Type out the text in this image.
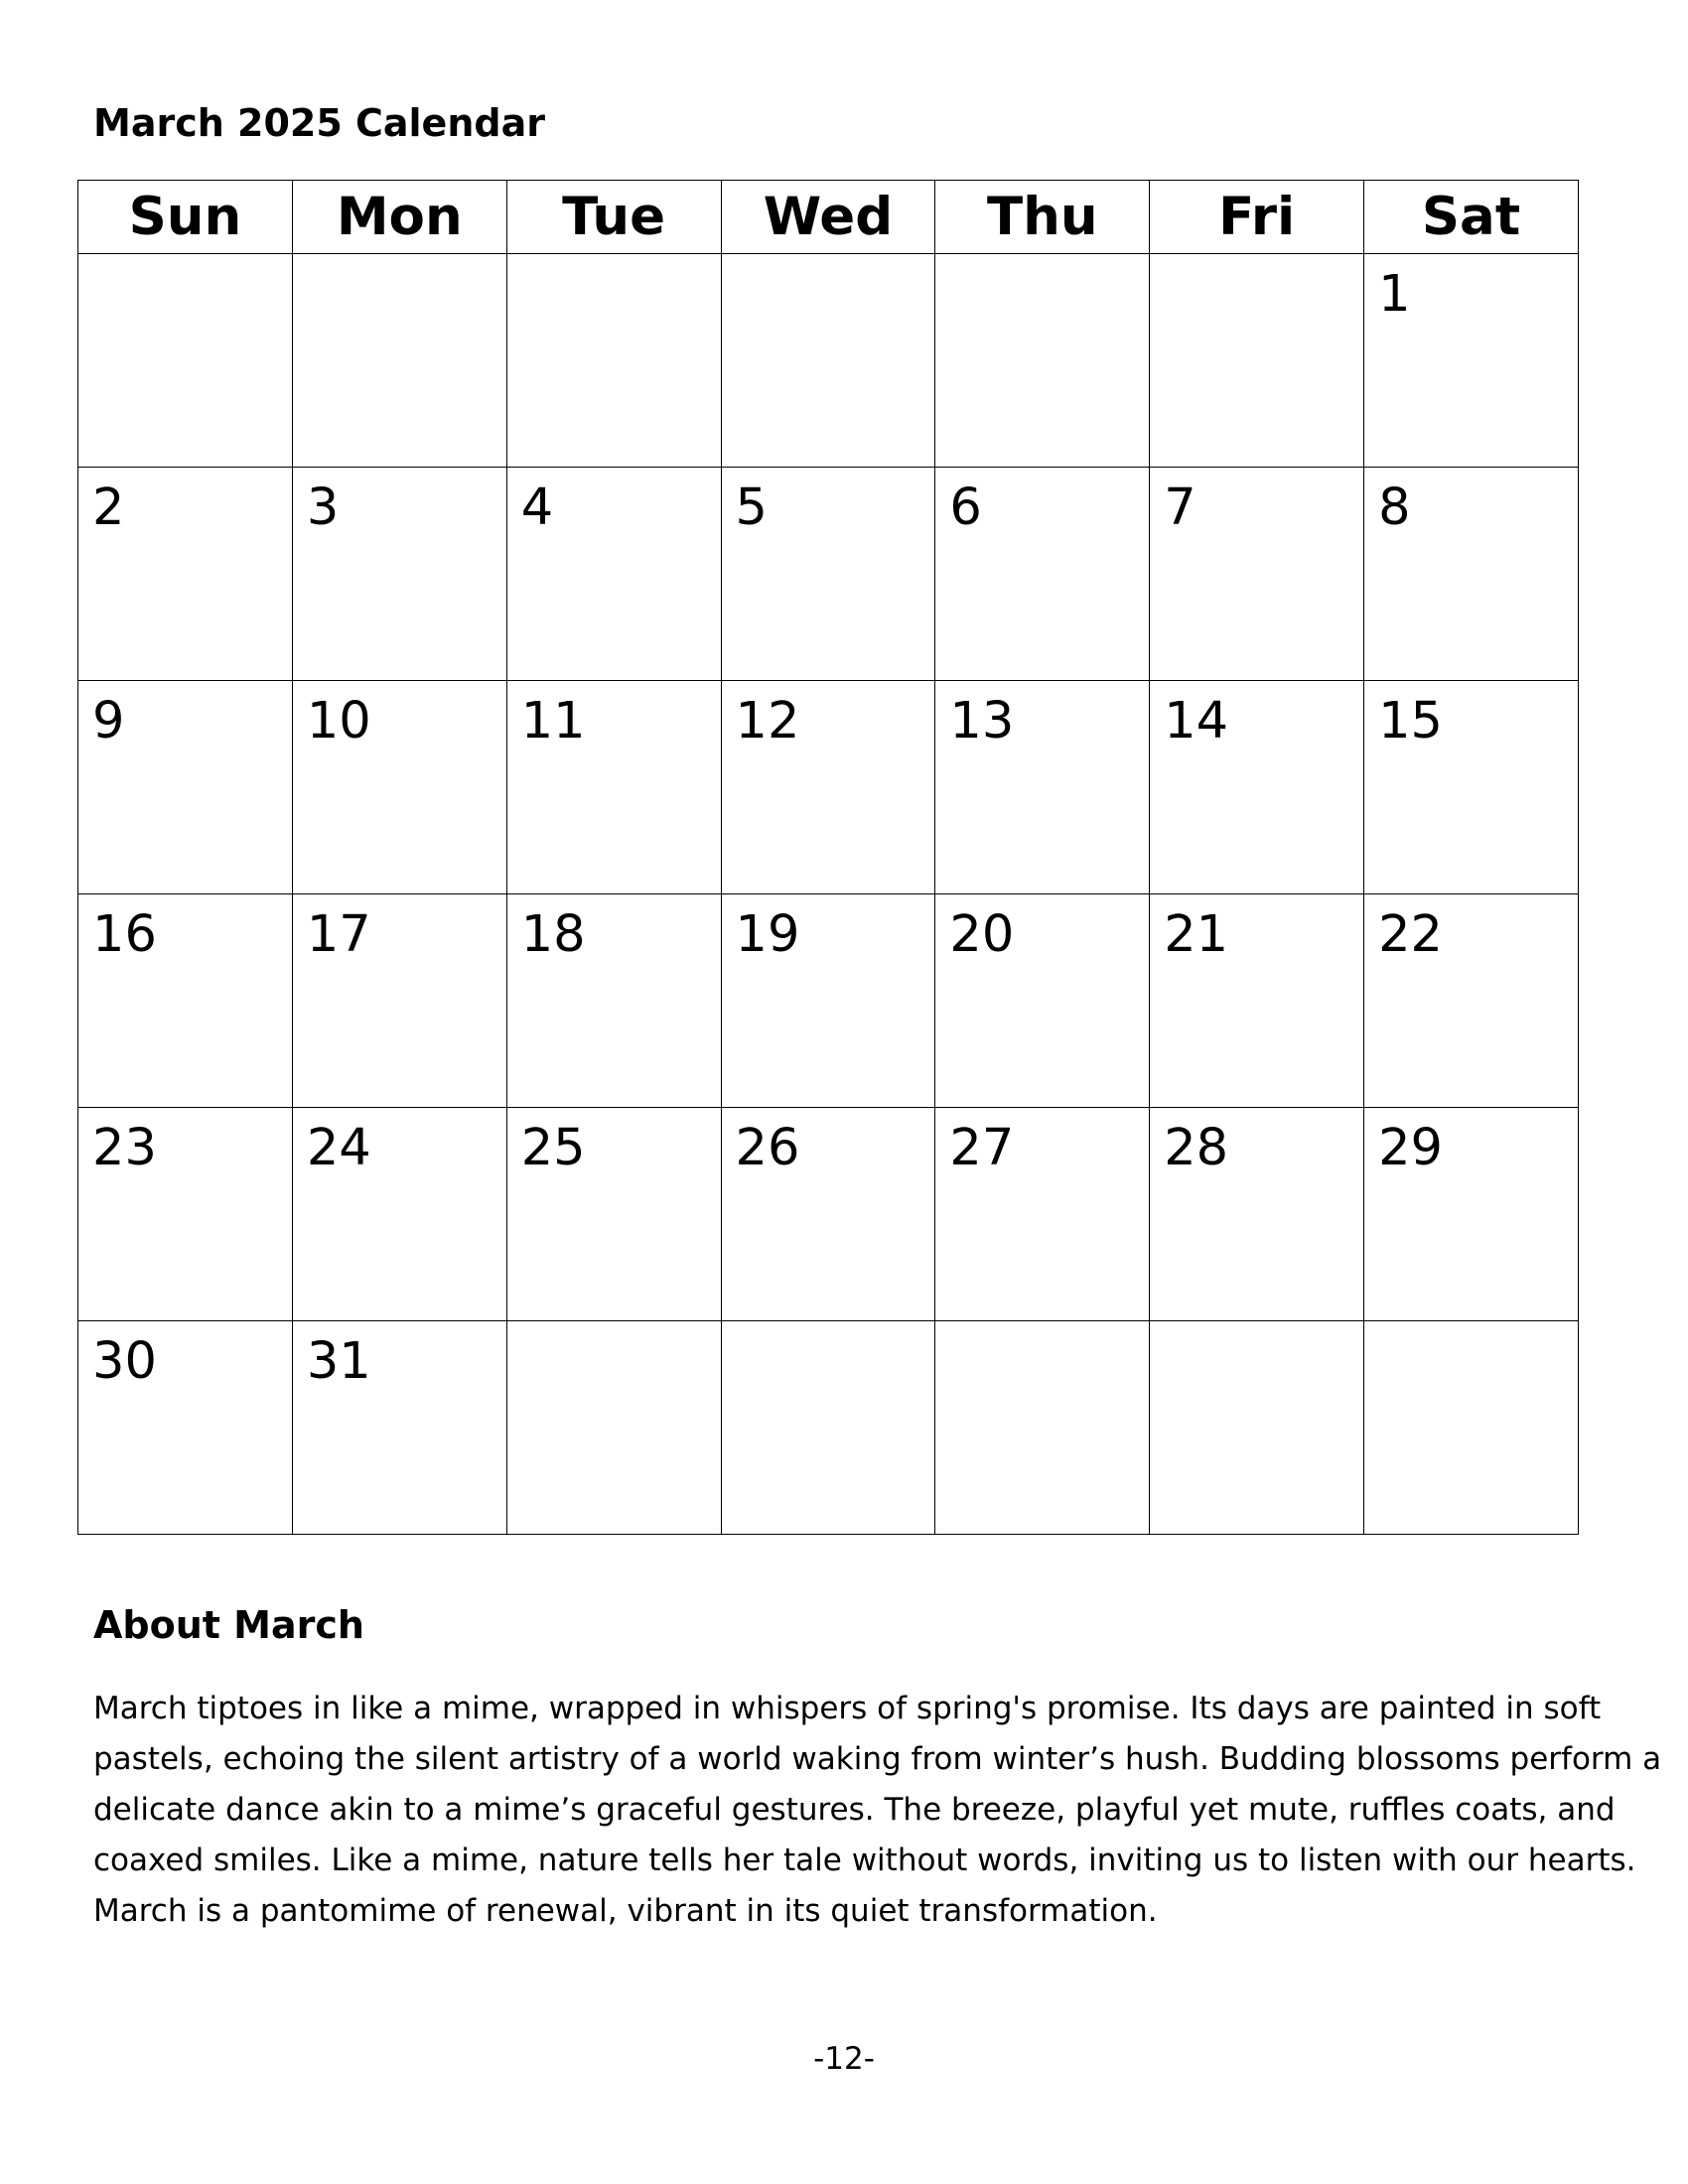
March 2025 Calendar
Sun	Mon	Tue	Wed	Thu	Fri	Sat

						1

2	3	4	5	6	7	8

9	10	11	12	13	14	15

16	17	18	19	20	21	22

23	24	25	26	27	28	29

30	31					

About March
March tiptoes in like a mime, wrapped in whispers of spring's promise. Its days are painted in soft
pastels, echoing the silent artistry of a world waking from winter’s hush. Budding blossoms perform a
delicate dance akin to a mime’s graceful gestures. The breeze, playful yet mute, ruffles coats, and
coaxed smiles. Like a mime, nature tells her tale without words, inviting us to listen with our hearts.
March is a pantomime of renewal, vibrant in its quiet transformation.
-12-
